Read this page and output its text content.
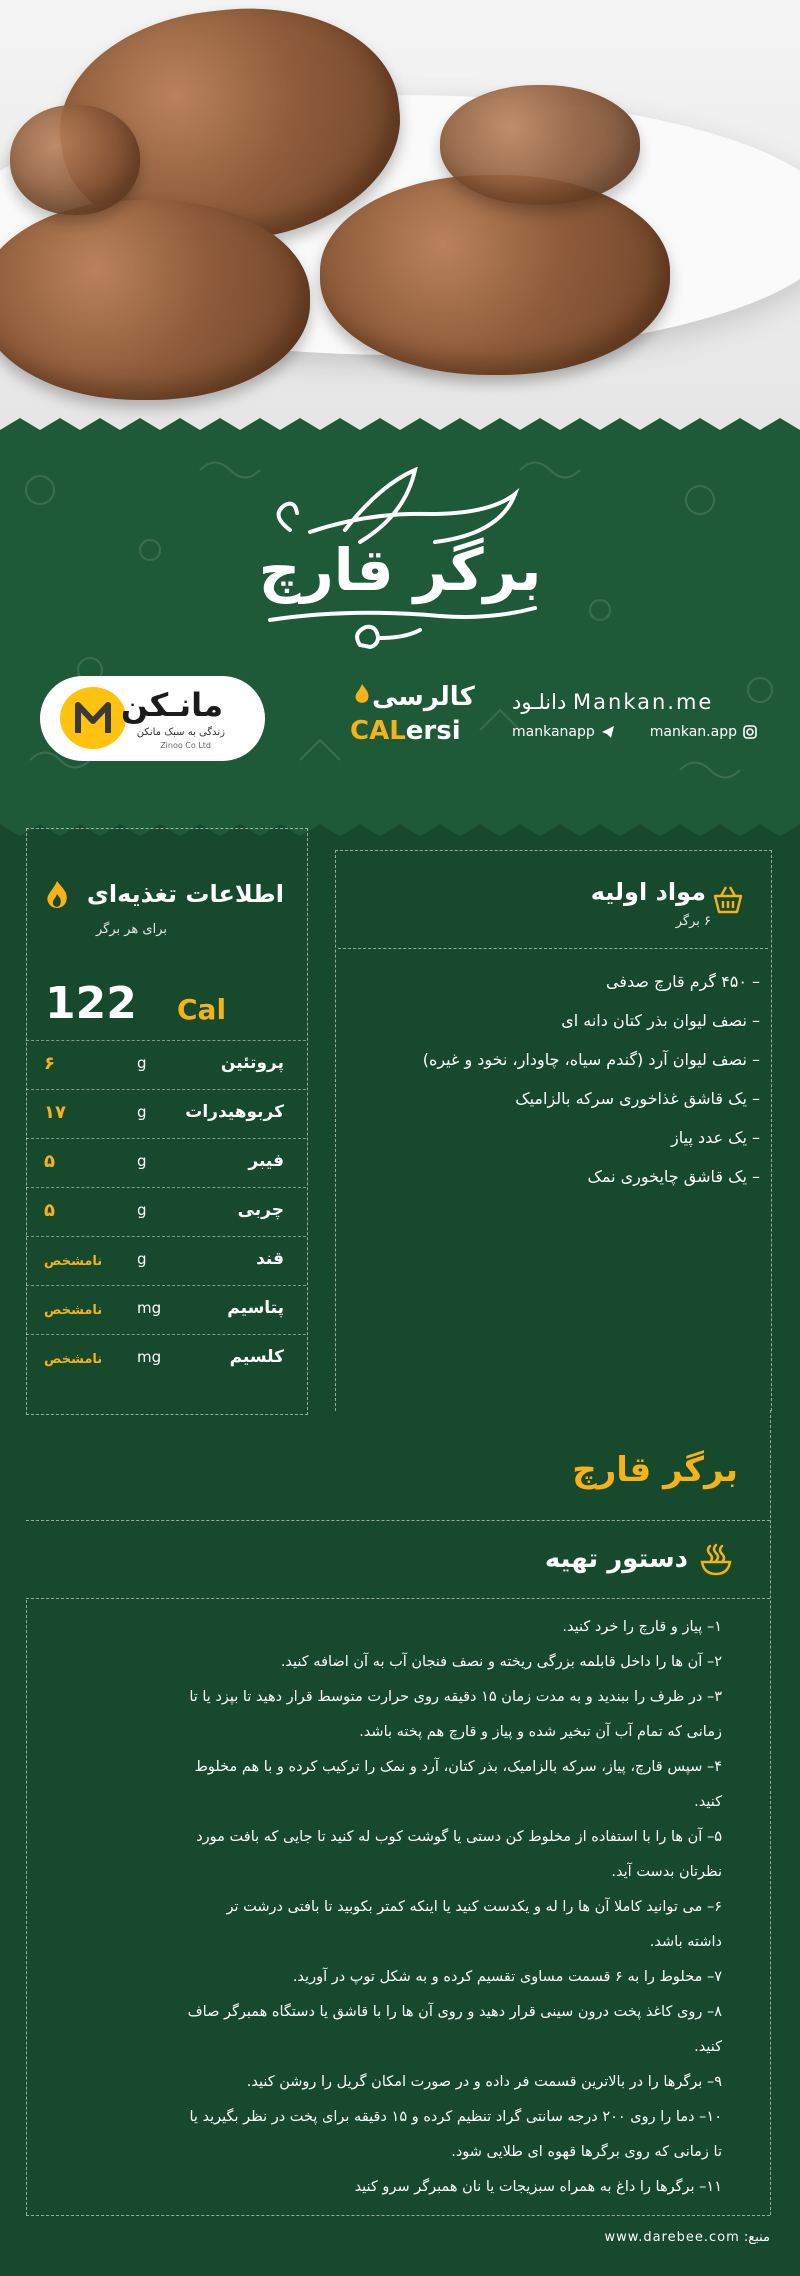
برگر قارچ
مانـکن
زندگی به سبک مانکن
Zinoo Co Ltd
کالرسی
CALersi
دانلـود Mankan.me
mankanapp	mankan.app
مواد اولیه
۶ برگر
– ۴۵۰ گرم قارچ صدفی
– نصف لیوان بذر کتان دانه ای
– نصف لیوان آرد (گندم سیاه، چاودار، نخود و غیره)
– یک قاشق غذاخوری سرکه بالزامیک
– یک عدد پیاز
– یک قاشق چایخوری نمک
اطلاعات تغذیه‌ای
برای هر برگر
122 Cal
پروتئین
g
۶
کربوهیدرات
g
۱۷
فیبر
g
۵
چربی
g
۵
قند
g
نامشخص
پتاسیم
mg
نامشخص
کلسیم
mg
نامشخص
برگر قارچ
دستور تهیه
۱– پیاز و قارچ را خرد کنید.
۲– آن ها را داخل قابلمه بزرگی ریخته و نصف فنجان آب به آن اضافه کنید.
۳– در ظرف را ببندید و به مدت زمان ۱۵ دقیقه روی حرارت متوسط قرار دهید تا بپزد یا تا
زمانی که تمام آب آن تبخیر شده و پیاز و قارچ هم پخته باشد.
۴– سپس قارچ، پیاز، سرکه بالزامیک، بذر کتان، آرد و نمک را ترکیب کرده و با هم مخلوط
کنید.
۵– آن ها را با استفاده از مخلوط کن دستی یا گوشت کوب له کنید تا جایی که بافت مورد
نظرتان بدست آید.
۶– می توانید کاملا آن ها را له و یکدست کنید یا اینکه کمتر بکوبید تا بافتی درشت تر
داشته باشد.
۷– مخلوط را به ۶ قسمت مساوی تقسیم کرده و به شکل توپ در آورید.
۸– روی کاغذ پخت درون سینی قرار دهید و روی آن ها را با قاشق یا دستگاه همبرگر صاف
کنید.
۹– برگرها را در بالاترین قسمت فر داده و در صورت امکان گریل را روشن کنید.
۱۰– دما را روی ۲۰۰ درجه سانتی گراد تنظیم کرده و ۱۵ دقیقه برای پخت در نظر بگیرید یا
تا زمانی که روی برگرها قهوه ای طلایی شود.
۱۱– برگرها را داغ به همراه سبزیجات یا نان همبرگر سرو کنید
منبع: www.darebee.com
